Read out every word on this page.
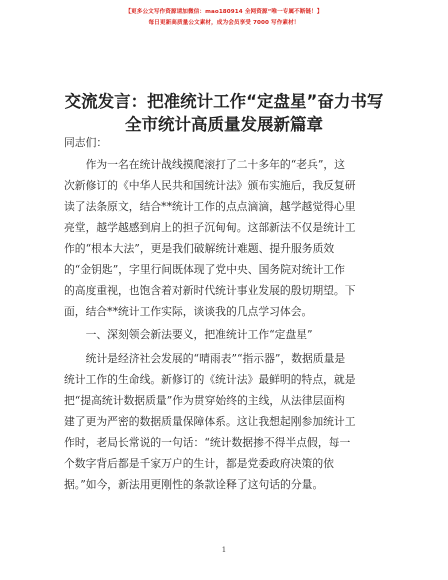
【更多公文写作资源请加微信：mao180914 全网资源“唯一专属不断链！】
每日更新高质量公文素材，成为会员享受 7000 写作素材！
交流发言：把准统计工作“定盘星”奋力书写
全市统计高质量发展新篇章
同志们：
　　作为一名在统计战线摸爬滚打了二十多年的“老兵”，这
次新修订的《中华人民共和国统计法》颁布实施后，我反复研
读了法条原文，结合**统计工作的点点滴滴，越学越觉得心里
亮堂，越学越感到肩上的担子沉甸甸。这部新法不仅是统计工
作的“根本大法”，更是我们破解统计难题、提升服务质效
的“金钥匙”，字里行间既体现了党中央、国务院对统计工作
的高度重视，也饱含着对新时代统计事业发展的殷切期望。下
面，结合**统计工作实际，谈谈我的几点学习体会。
　　一、深刻领会新法要义，把准统计工作“定盘星”
　　统计是经济社会发展的“晴雨表”“指示器”，数据质量是
统计工作的生命线。新修订的《统计法》最鲜明的特点，就是
把“提高统计数据质量”作为贯穿始终的主线，从法律层面构
建了更为严密的数据质量保障体系。这让我想起刚参加统计工
作时，老局长常说的一句话：“统计数据掺不得半点假，每一
个数字背后都是千家万户的生计，都是党委政府决策的依
据。”如今，新法用更刚性的条款诠释了这句话的分量。
1
